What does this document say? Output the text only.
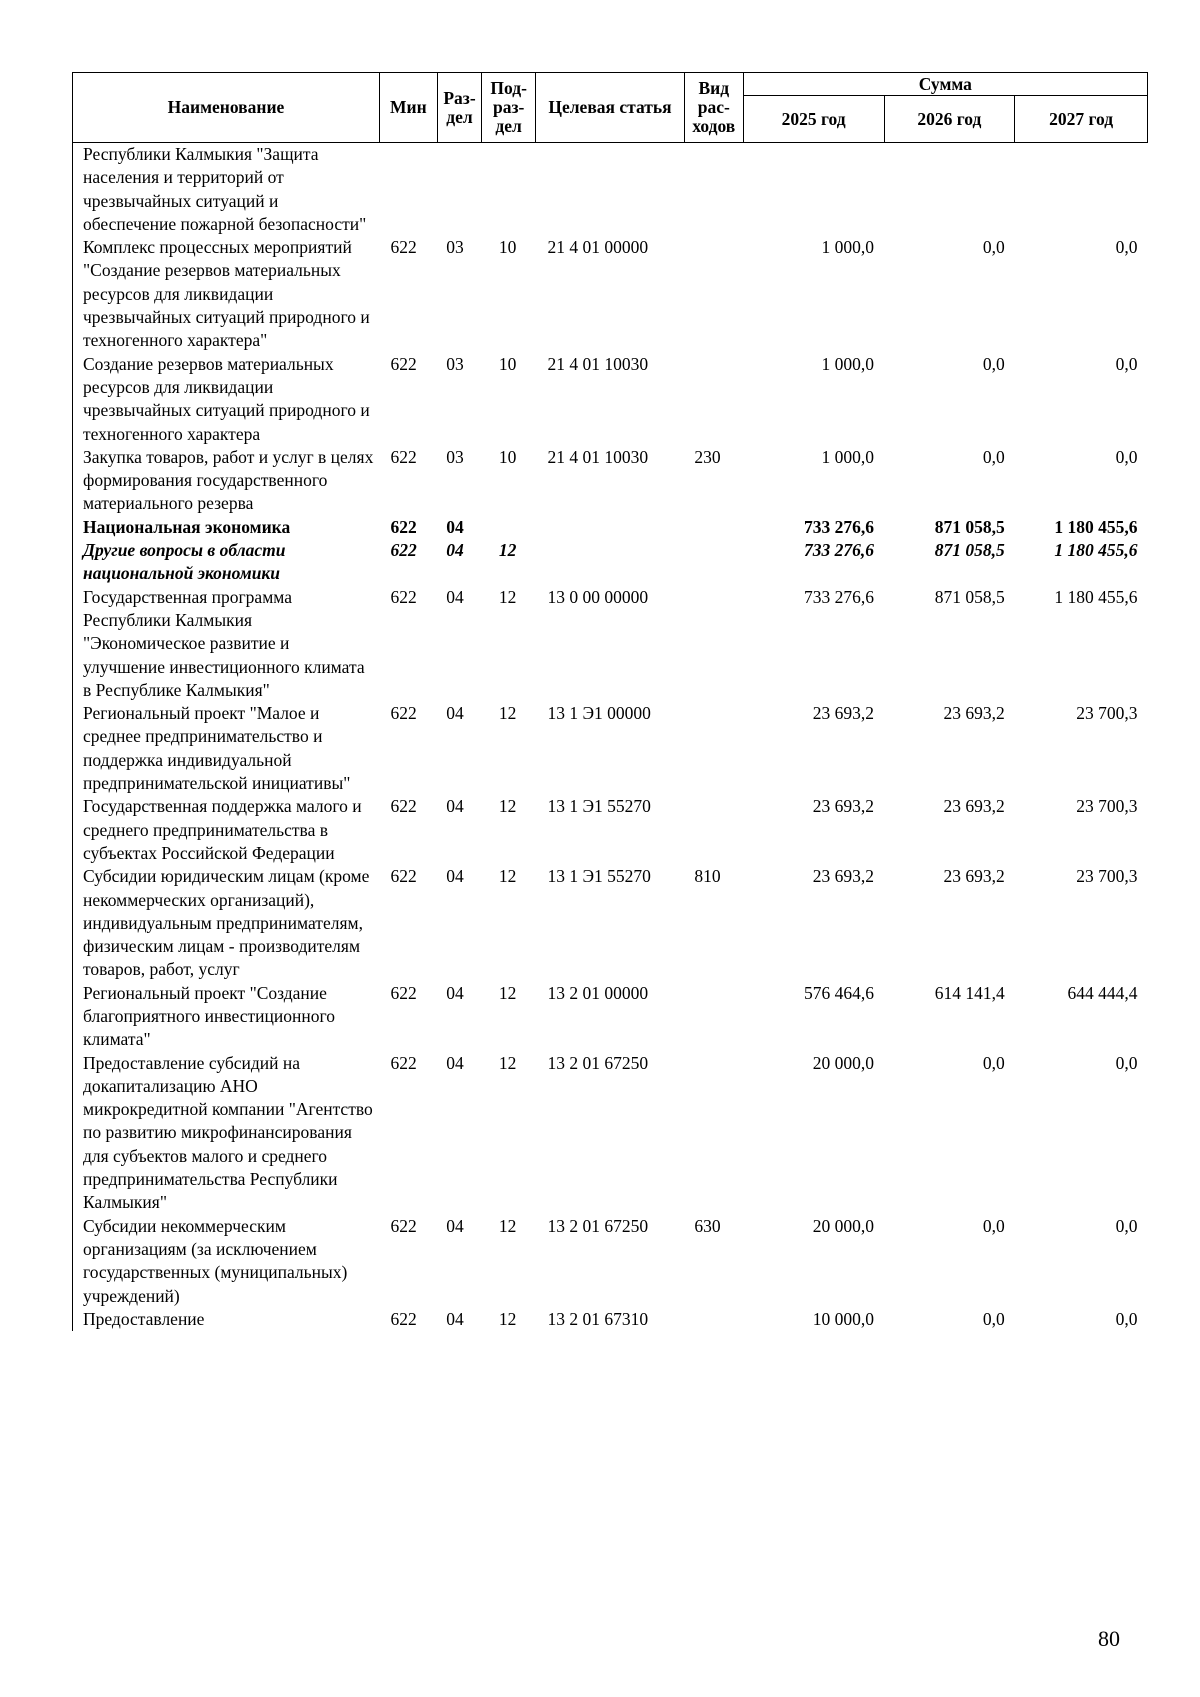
Наименование	Мин	Раз-дел	Под-раз-дел	Целевая статья	Вид рас-ходов	Сумма		
						2025 год	2026 год	2027 год
Республики Калмыкия "Защита населения и территорий от чрезвычайных ситуаций и обеспечение пожарной безопасности"								
Комплекс процессных мероприятий "Создание резервов материальных ресурсов для ликвидации чрезвычайных ситуаций природного и техногенного характера"	622	03	10	21 4 01 00000		1 000,0	0,0	0,0
Создание резервов материальных ресурсов для ликвидации чрезвычайных ситуаций природного и техногенного характера	622	03	10	21 4 01 10030		1 000,0	0,0	0,0
Закупка товаров, работ и услуг в целях формирования государственного материального резерва	622	03	10	21 4 01 10030	230	1 000,0	0,0	0,0
Национальная экономика	622	04				733 276,6	871 058,5	1 180 455,6
Другие вопросы в области национальной экономики	622	04	12			733 276,6	871 058,5	1 180 455,6
Государственная программа Республики Калмыкия "Экономическое развитие и улучшение инвестиционного климата в Республике Калмыкия"	622	04	12	13 0 00 00000		733 276,6	871 058,5	1 180 455,6
Региональный проект "Малое и среднее предпринимательство и поддержка индивидуальной предпринимательской инициативы"	622	04	12	13 1 Э1 00000		23 693,2	23 693,2	23 700,3
Государственная поддержка малого и среднего предпринимательства в субъектах Российской Федерации	622	04	12	13 1 Э1 55270		23 693,2	23 693,2	23 700,3
Субсидии юридическим лицам (кроме некоммерческих организаций), индивидуальным предпринимателям, физическим лицам - производителям товаров, работ, услуг	622	04	12	13 1 Э1 55270	810	23 693,2	23 693,2	23 700,3
Региональный проект "Создание благоприятного инвестиционного климата"	622	04	12	13 2 01 00000		576 464,6	614 141,4	644 444,4
Предоставление субсидий на докапитализацию АНО микрокредитной компании "Агентство по развитию микрофинансирования для субъектов малого и среднего предпринимательства Республики Калмыкия"	622	04	12	13 2 01 67250		20 000,0	0,0	0,0
Субсидии некоммерческим организациям (за исключением государственных (муниципальных) учреждений)	622	04	12	13 2 01 67250	630	20 000,0	0,0	0,0
Предоставление	622	04	12	13 2 01 67310		10 000,0	0,0	0,0
80
